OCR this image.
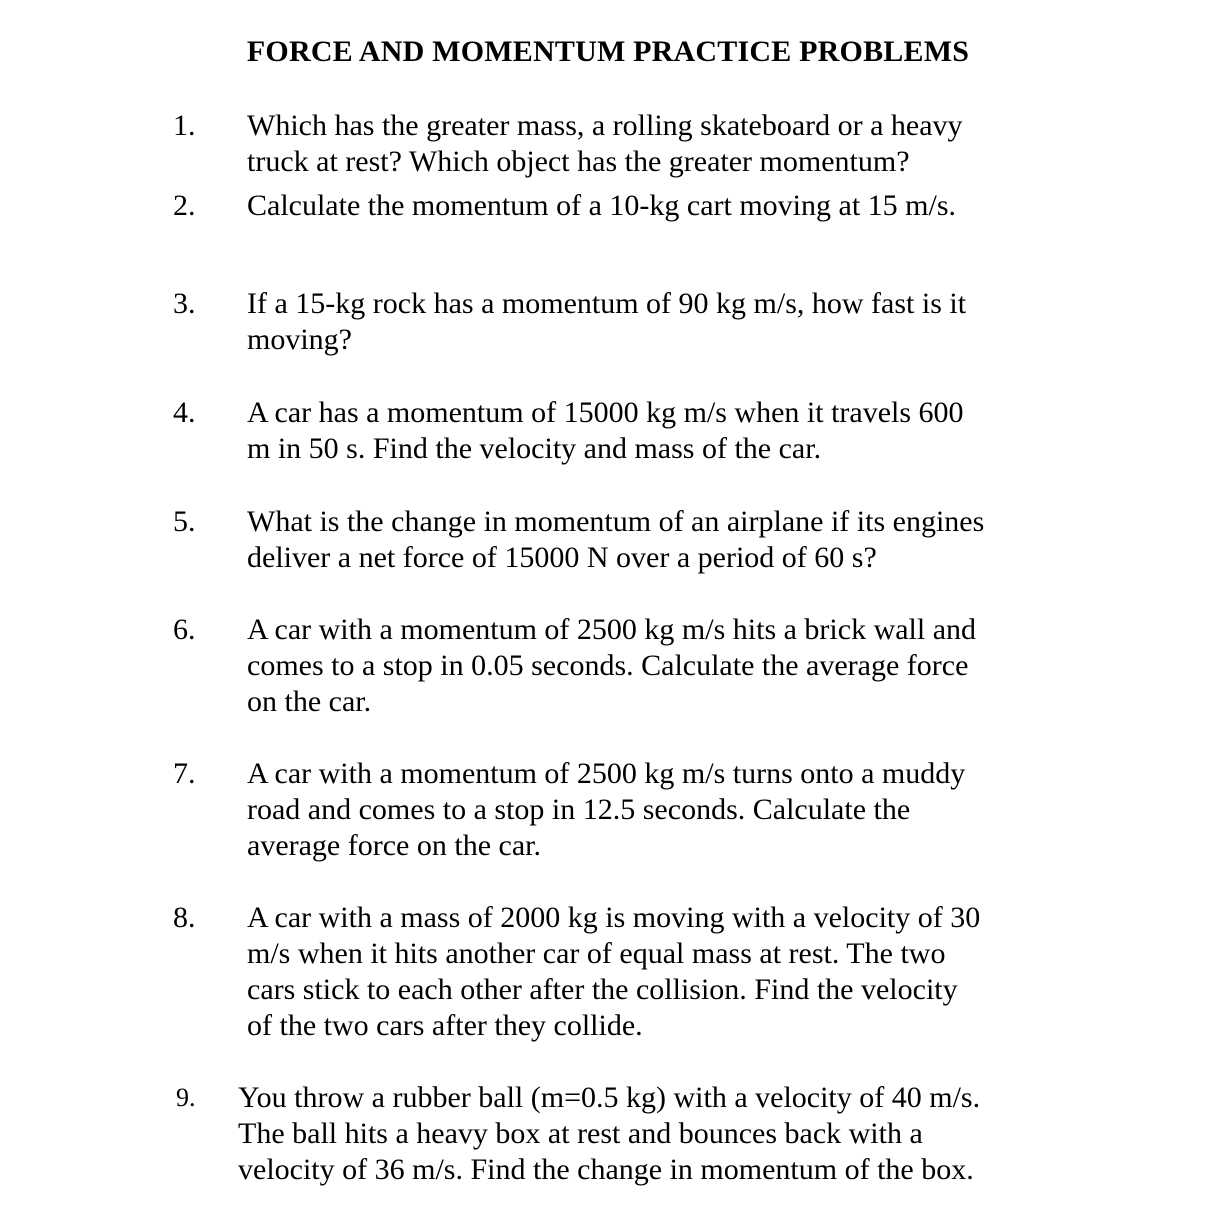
FORCE AND MOMENTUM PRACTICE PROBLEMS
1. Which has the greater mass, a rolling skateboard or a heavy
truck at rest? Which object has the greater momentum?
2. Calculate the momentum of a 10-kg cart moving at 15 m/s.
3. If a 15-kg rock has a momentum of 90 kg m/s, how fast is it
moving?
4. A car has a momentum of 15000 kg m/s when it travels 600
m in 50 s. Find the velocity and mass of the car.
5. What is the change in momentum of an airplane if its engines
deliver a net force of 15000 N over a period of 60 s?
6. A car with a momentum of 2500 kg m/s hits a brick wall and
comes to a stop in 0.05 seconds. Calculate the average force
on the car.
7. A car with a momentum of 2500 kg m/s turns onto a muddy
road and comes to a stop in 12.5 seconds. Calculate the
average force on the car.
8. A car with a mass of 2000 kg is moving with a velocity of 30
m/s when it hits another car of equal mass at rest. The two
cars stick to each other after the collision. Find the velocity
of the two cars after they collide.
9. You throw a rubber ball (m=0.5 kg) with a velocity of 40 m/s.
The ball hits a heavy box at rest and bounces back with a
velocity of 36 m/s. Find the change in momentum of the box.
